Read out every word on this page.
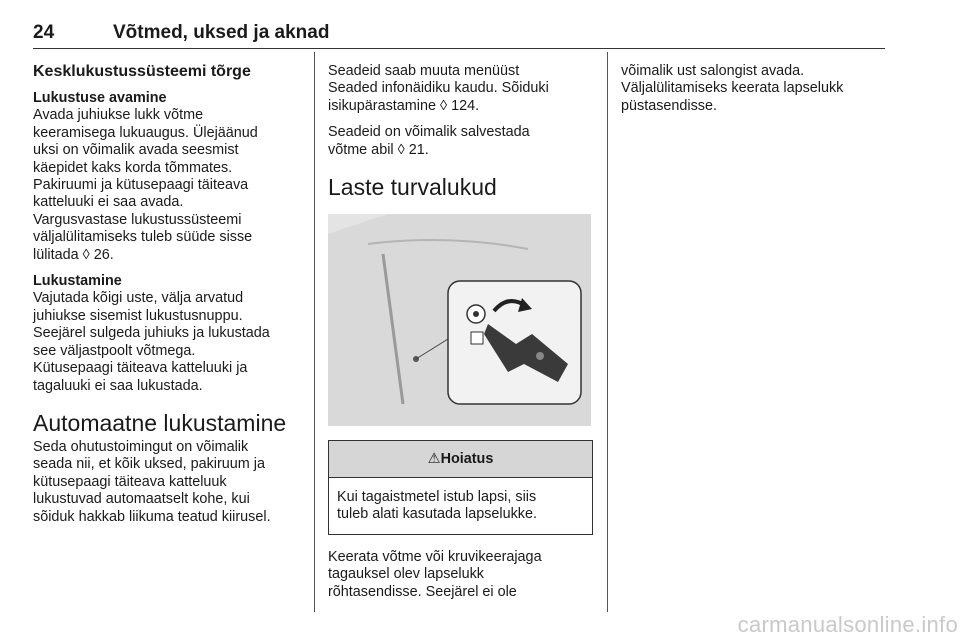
24	Võtmed, uksed ja aknad
Kesklukustussüsteemi tõrge
Lukustuse avamine

Avada juhiukse lukk võtme
keeramisega lukuaugus. Ülejäänud
uksi on võimalik avada seesmist
käepidet kaks korda tõmmates.
Pakiruumi ja kütusepaagi täiteava
katteluuki ei saa avada.
Vargusvastase lukustussüsteemi
väljalülitamiseks tuleb süüde sisse
lülitada ◊ 26.

Lukustamine

Vajutada kõigi uste, välja arvatud
juhiukse sisemist lukustusnuppu.
Seejärel sulgeda juhiuks ja lukustada
see väljastpoolt võtmega.
Kütusepaagi täiteava katteluuki ja
tagaluuki ei saa lukustada.

Automaatne lukustamine

Seda ohutustoimingut on võimalik
seada nii, et kõik uksed, pakiruum ja
kütusepaagi täiteava katteluuk
lukustuvad automaatselt kohe, kui
sõiduk hakkab liikuma teatud kiirusel.

Seadeid saab muuta menüüst
Seaded infonäidiku kaudu. Sõiduki
isikupärastamine ◊ 124.

Seadeid on võimalik salvestada
võtme abil ◊ 21.

Laste turvalukud
⚠Hoiatus
Kui tagaistmetel istub lapsi, siis
tuleb alati kasutada lapselukke.

Keerata võtme või kruvikeerajaga
tagauksel olev lapselukk
rõhtasendisse. Seejärel ei ole

võimalik ust salongist avada.
Väljalülitamiseks keerata lapselukk
püstasendisse.

carmanualsonline.info
